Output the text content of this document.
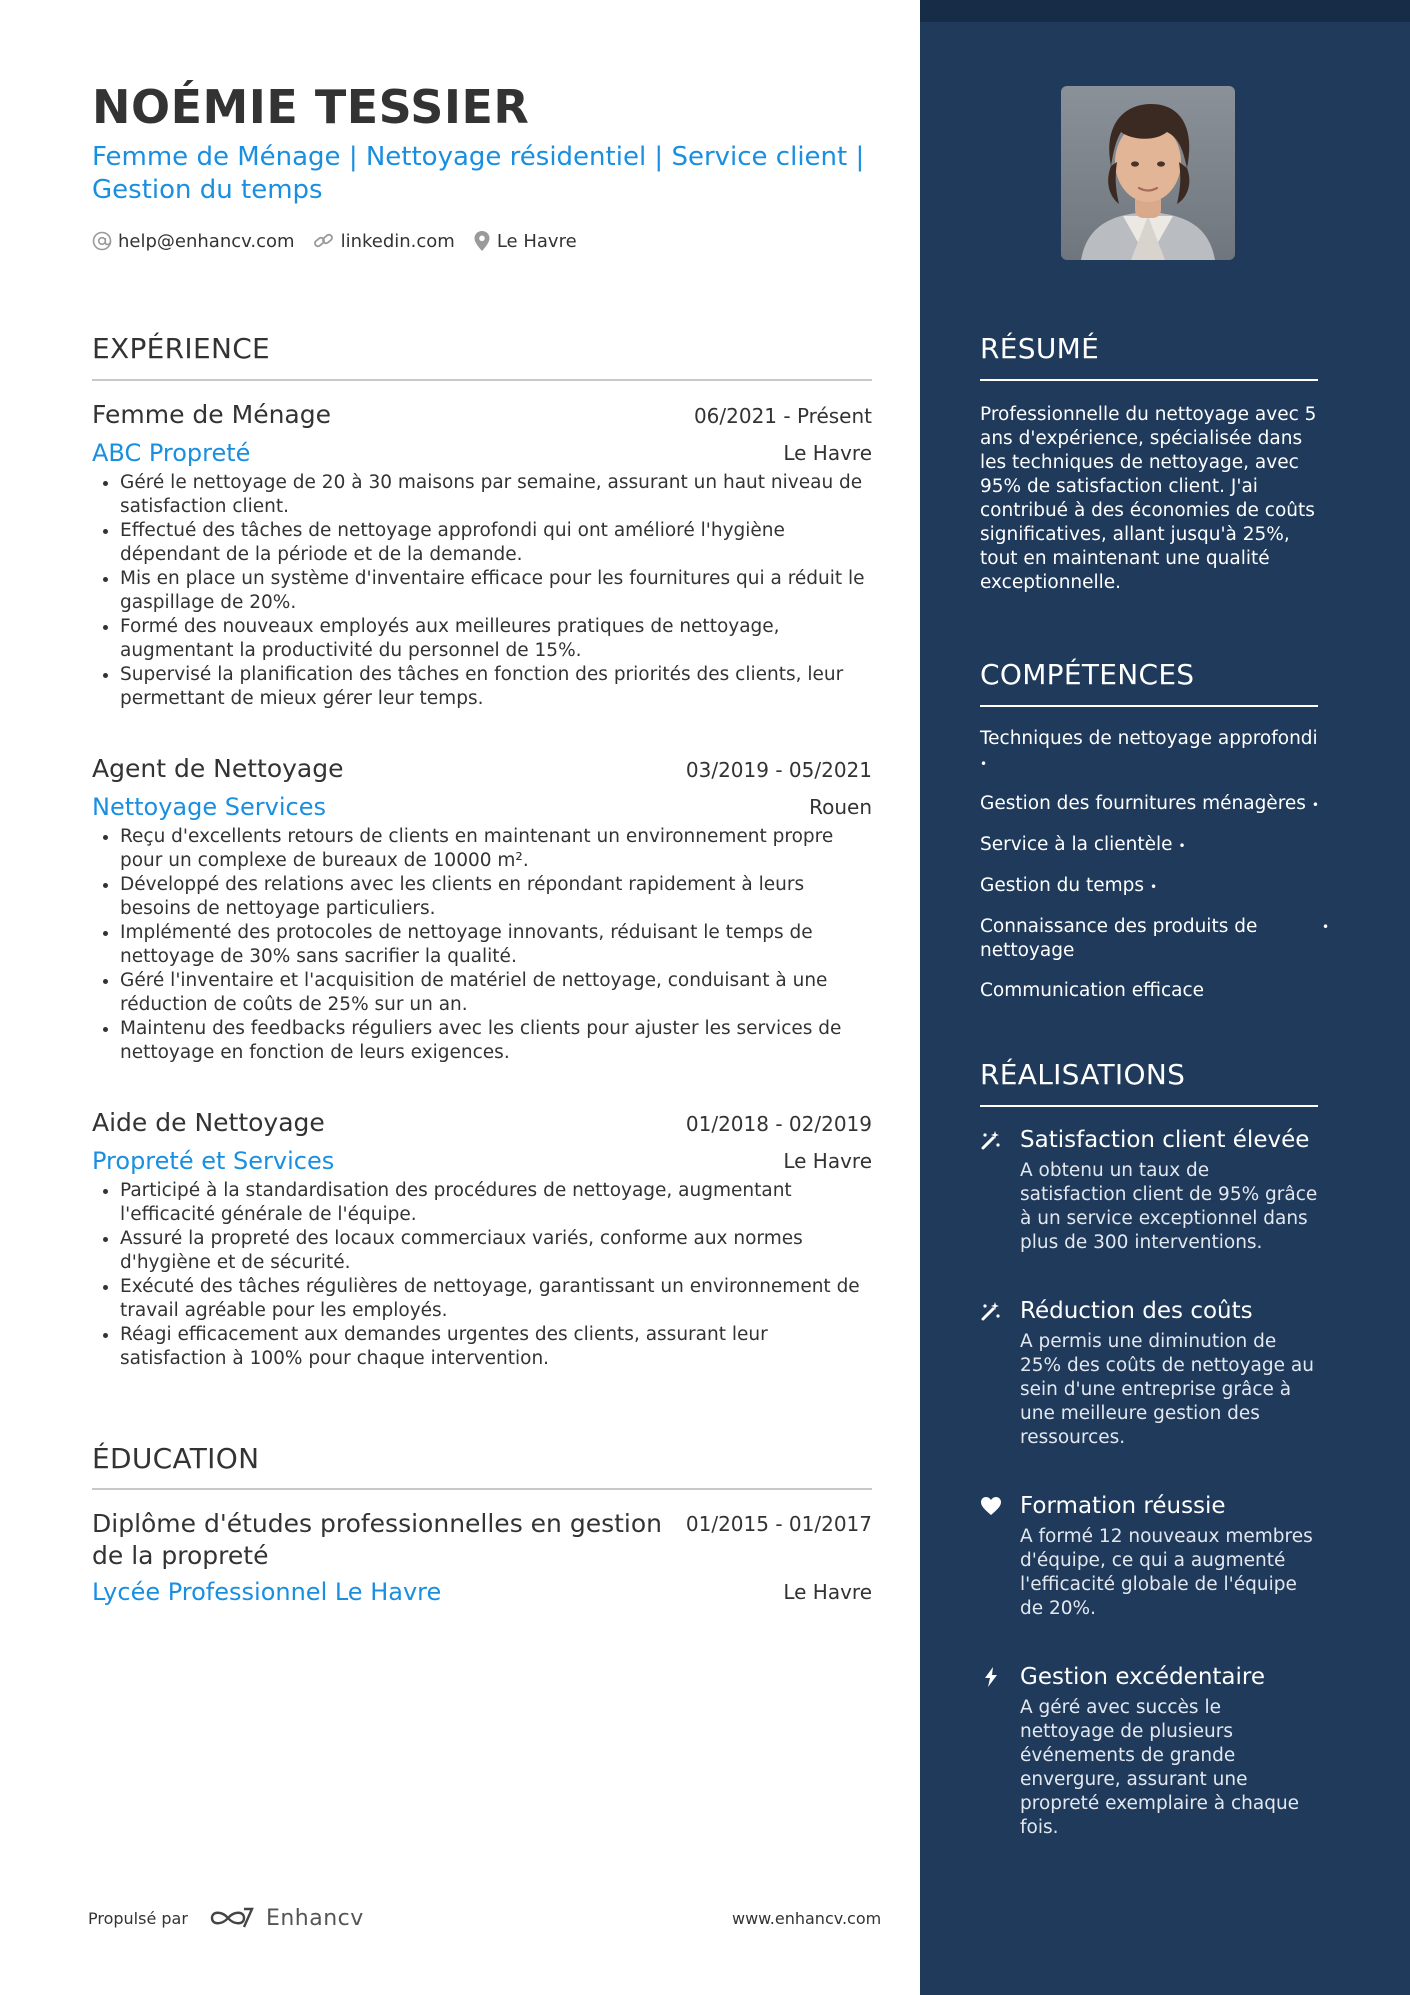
NOÉMIE TESSIER
Femme de Ménage | Nettoyage résidentiel | Service client | Gestion du temps
help@enhancv.com	linkedin.com Le Havre
EXPÉRIENCE
Femme de Ménage	06/2021 - Présent
ABC Propreté	Le Havre
• Géré le nettoyage de 20 à 30 maisons par semaine, assurant un haut niveau de satisfaction client.
• Effectué des tâches de nettoyage approfondi qui ont amélioré l'hygiène dépendant de la période et de la demande.
• Mis en place un système d'inventaire efficace pour les fournitures qui a réduit le gaspillage de 20%.
• Formé des nouveaux employés aux meilleures pratiques de nettoyage, augmentant la productivité du personnel de 15%.
• Supervisé la planification des tâches en fonction des priorités des clients, leur permettant de mieux gérer leur temps.
Agent de Nettoyage	03/2019 - 05/2021
Nettoyage Services	Rouen
• Reçu d'excellents retours de clients en maintenant un environnement propre pour un complexe de bureaux de 10000 m².
• Développé des relations avec les clients en répondant rapidement à leurs besoins de nettoyage particuliers.
• Implémenté des protocoles de nettoyage innovants, réduisant le temps de nettoyage de 30% sans sacrifier la qualité.
• Géré l'inventaire et l'acquisition de matériel de nettoyage, conduisant à une réduction de coûts de 25% sur un an.
• Maintenu des feedbacks réguliers avec les clients pour ajuster les services de nettoyage en fonction de leurs exigences.
Aide de Nettoyage	01/2018 - 02/2019
Propreté et Services	Le Havre
• Participé à la standardisation des procédures de nettoyage, augmentant l'efficacité générale de l'équipe.
• Assuré la propreté des locaux commerciaux variés, conforme aux normes d'hygiène et de sécurité.
• Exécuté des tâches régulières de nettoyage, garantissant un environnement de travail agréable pour les employés.
• Réagi efficacement aux demandes urgentes des clients, assurant leur satisfaction à 100% pour chaque intervention.
ÉDUCATION
Diplôme d'études professionnelles en gestion de la propreté
01/2015 - 01/2017
Lycée Professionnel Le Havre	Le Havre
Propulsé par	Enhancv	www.enhancv.com
RÉSUMÉ
Professionnelle du nettoyage avec 5 ans d'expérience, spécialisée dans les techniques de nettoyage, avec 95% de satisfaction client. J'ai contribué à des économies de coûts significatives, allant jusqu'à 25%, tout en maintenant une qualité exceptionnelle.
COMPÉTENCES
Techniques de nettoyage approfondi •
Gestion des fournitures ménagères •
Service à la clientèle •
Gestion du temps •
Connaissance des produits de nettoyage
•
Communication efficace
RÉALISATIONS
Satisfaction client élevée
A obtenu un taux de satisfaction client de 95% grâce à un service exceptionnel dans plus de 300 interventions.
Réduction des coûts
A permis une diminution de 25% des coûts de nettoyage au sein d'une entreprise grâce à une meilleure gestion des ressources.
Formation réussie
A formé 12 nouveaux membres d'équipe, ce qui a augmenté l'efficacité globale de l'équipe de 20%.
Gestion excédentaire
A géré avec succès le nettoyage de plusieurs événements de grande envergure, assurant une propreté exemplaire à chaque fois.
